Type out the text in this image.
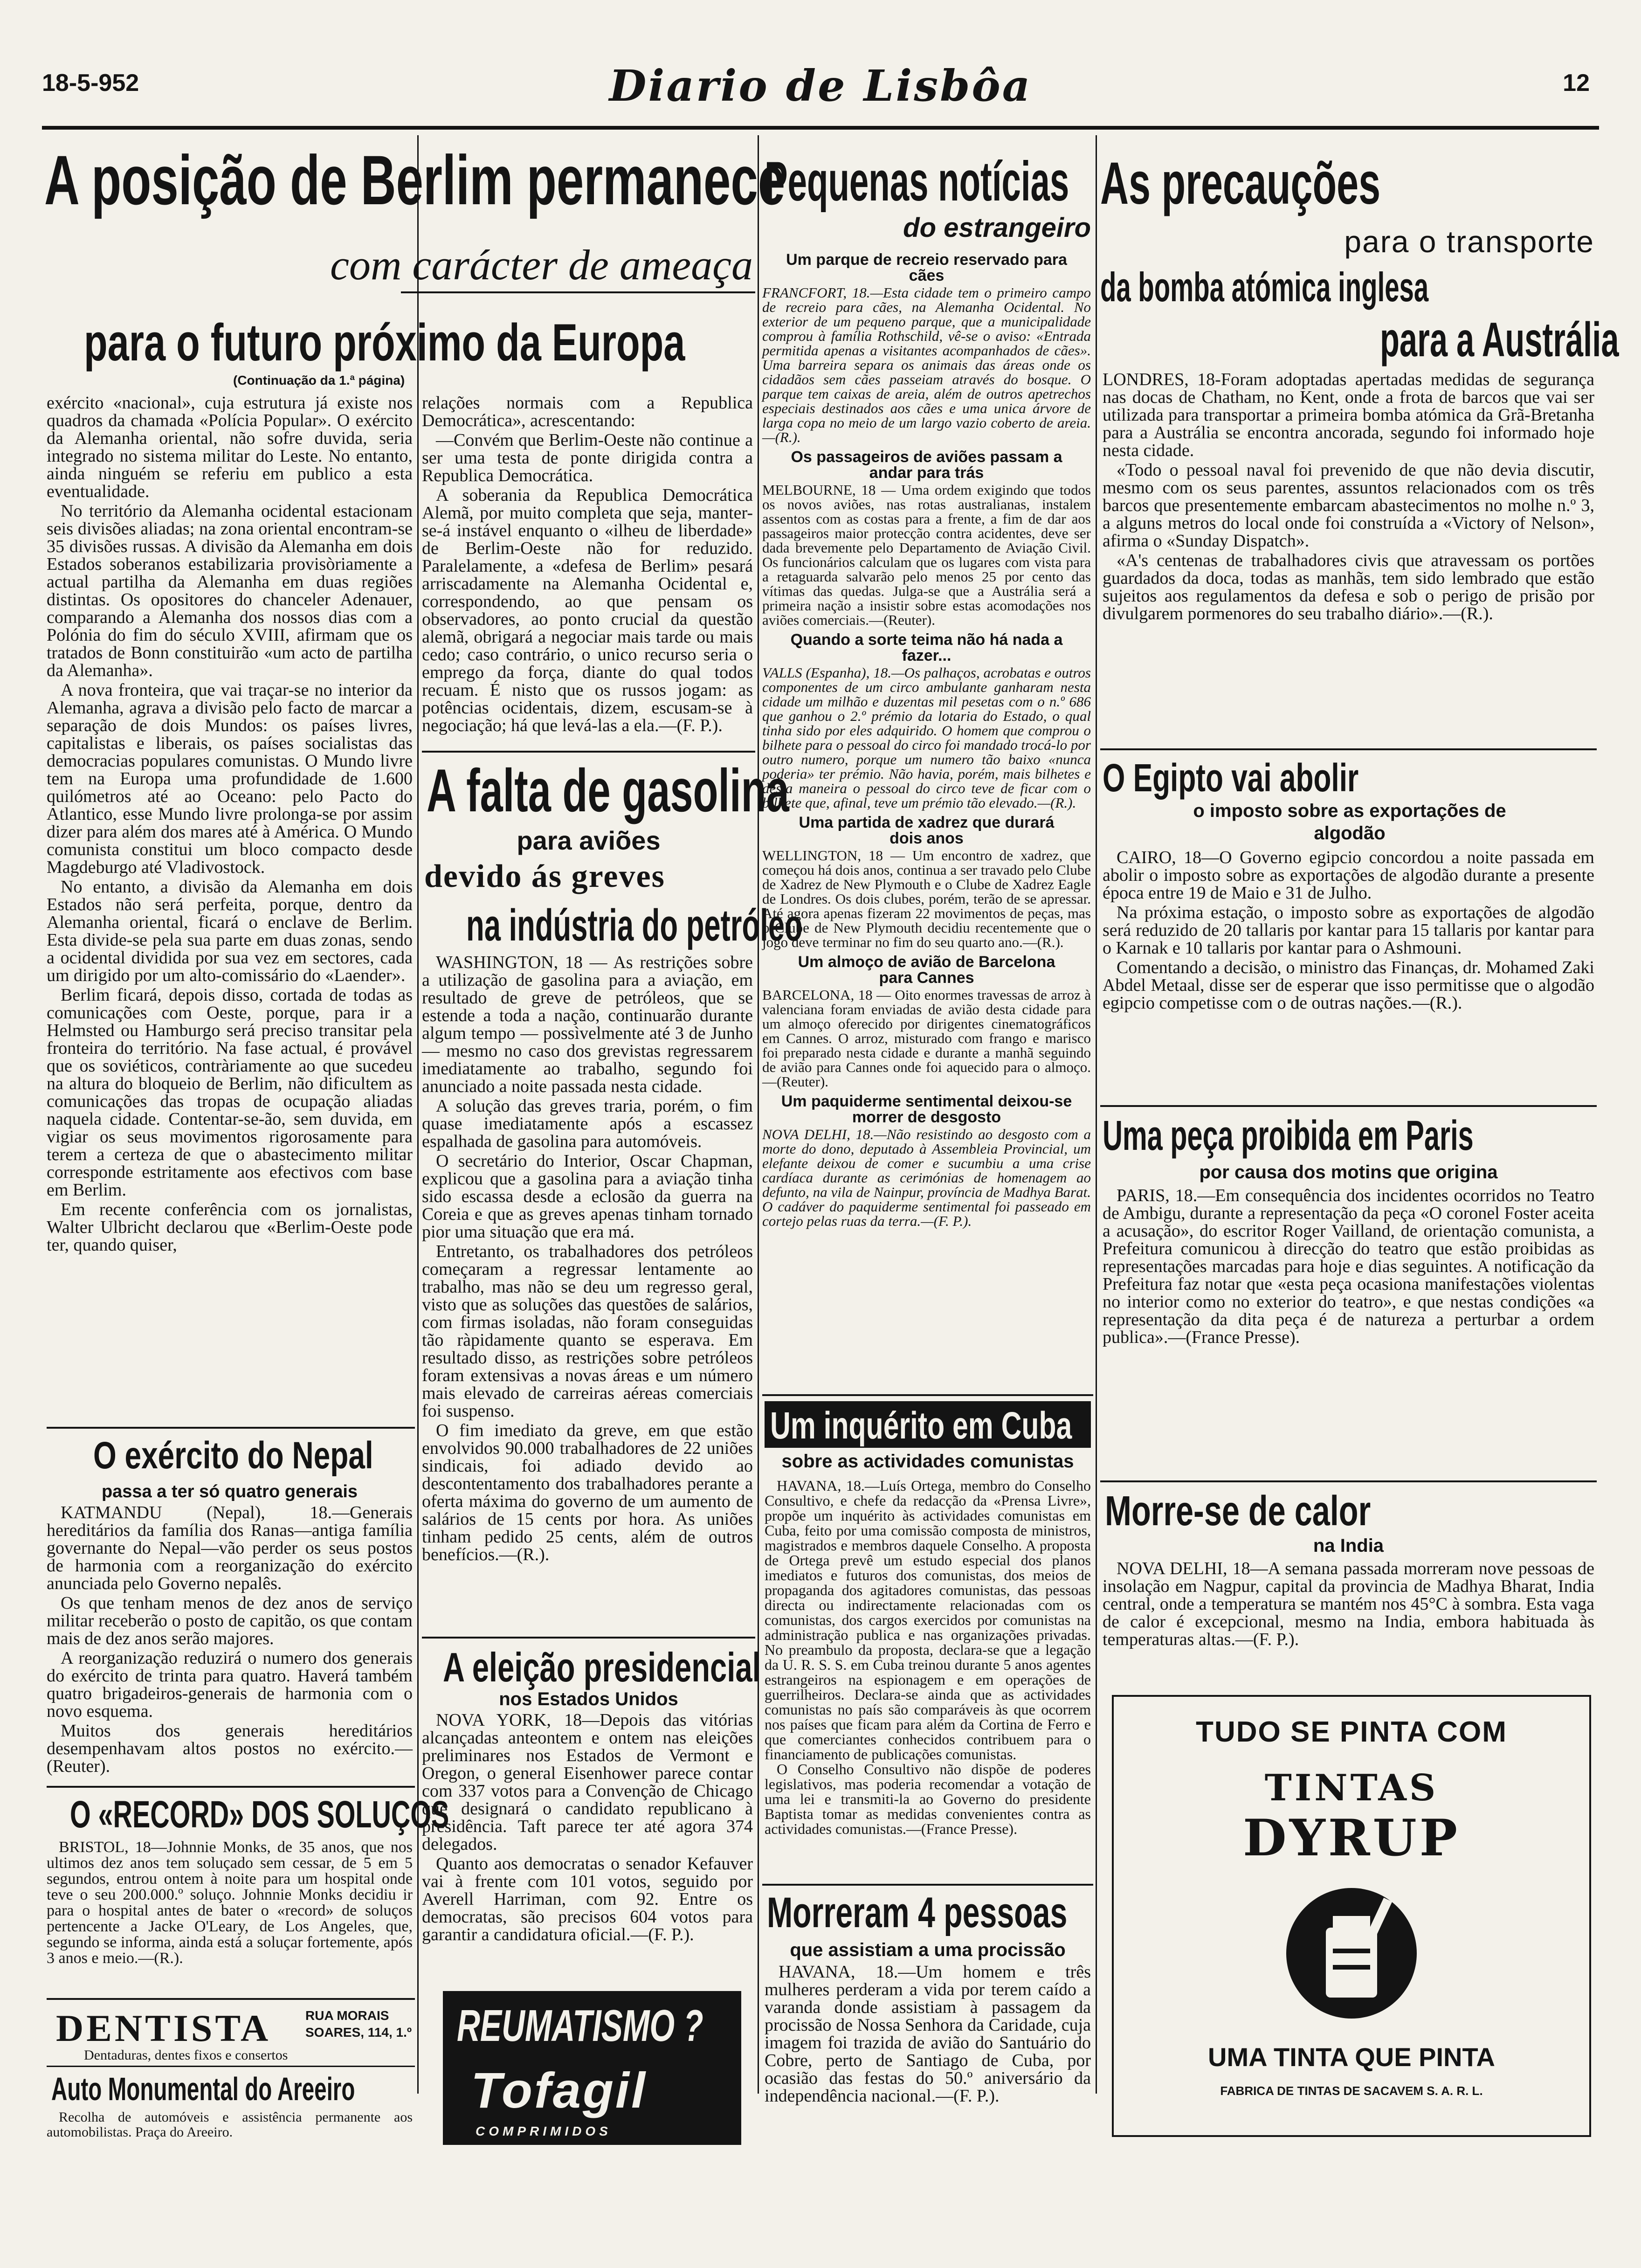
18-5-952	Diario de Lisbôa	12
A posição de Berlim permanece
com carácter de ameaça
para o futuro próximo da Europa
(Continuação da 1.ª página)

exército «nacional», cuja estrutura já existe nos quadros da chamada «Polícia Popular». O exército da Alemanha oriental, não sofre duvida, seria integrado no sistema militar do Leste. No entanto, ainda ninguém se referiu em publico a esta eventualidade.

No território da Alemanha ocidental estacionam seis divisões aliadas; na zona oriental encontram-se 35 divisões russas. A divisão da Alemanha em dois Estados soberanos estabilizaria provisòriamente a actual partilha da Alemanha em duas regiões distintas. Os opositores do chanceler Adenauer, comparando a Alemanha dos nossos dias com a Polónia do fim do século XVIII, afirmam que os tratados de Bonn constituirão «um acto de partilha da Alemanha».

A nova fronteira, que vai traçar-se no interior da Alemanha, agrava a divisão pelo facto de marcar a separação de dois Mundos: os países livres, capitalistas e liberais, os países socialistas das democracias populares comunistas. O Mundo livre tem na Europa uma profundidade de 1.600 quilómetros até ao Oceano: pelo Pacto do Atlantico, esse Mundo livre prolonga-se por assim dizer para além dos mares até à América. O Mundo comunista constitui um bloco compacto desde Magdeburgo até Vladivostock.

No entanto, a divisão da Alemanha em dois Estados não será perfeita, porque, dentro da Alemanha oriental, ficará o enclave de Berlim. Esta divide-se pela sua parte em duas zonas, sendo a ocidental dividida por sua vez em sectores, cada um dirigido por um alto-comissário do «Laender».

Berlim ficará, depois disso, cortada de todas as comunicações com Oeste, porque, para ir a Helmsted ou Hamburgo será preciso transitar pela fronteira do território. Na fase actual, é provável que os soviéticos, contràriamente ao que sucedeu na altura do bloqueio de Berlim, não dificultem as comunicações das tropas de ocupação aliadas naquela cidade. Contentar-se-ão, sem duvida, em vigiar os seus movimentos rigorosamente para terem a certeza de que o abastecimento militar corresponde estritamente aos efectivos com base em Berlim.

Em recente conferência com os jornalistas, Walter Ulbricht declarou que «Berlim-Oeste pode ter, quando quiser,

relações normais com a Republica Democrática», acrescentando:

—Convém que Berlim-Oeste não continue a ser uma testa de ponte dirigida contra a Republica Democrática.

A soberania da Republica Democrática Alemã, por muito completa que seja, manter-se-á instável enquanto o «ilheu de liberdade» de Berlim-Oeste não for reduzido. Paralelamente, a «defesa de Berlim» pesará arriscadamente na Alemanha Ocidental e, correspondendo, ao que pensam os observadores, ao ponto crucial da questão alemã, obrigará a negociar mais tarde ou mais cedo; caso contrário, o unico recurso seria o emprego da força, diante do qual todos recuam. É nisto que os russos jogam: as potências ocidentais, dizem, escusam-se à negociação; há que levá-las a ela.—(F. P.).

O exército do Nepal
passa a ter só quatro generais

KATMANDU (Nepal), 18.—Generais hereditários da família dos Ranas—antiga família governante do Nepal—vão perder os seus postos de harmonia com a reorganização do exército anunciada pelo Governo nepalês.

Os que tenham menos de dez anos de serviço militar receberão o posto de capitão, os que contam mais de dez anos serão majores.

A reorganização reduzirá o numero dos generais do exército de trinta para quatro. Haverá também quatro brigadeiros-generais de harmonia com o novo esquema.

Muitos dos generais hereditários desempenhavam altos postos no exército.—(Reuter).

O «RECORD» DOS SOLUÇOS

BRISTOL, 18—Johnnie Monks, de 35 anos, que nos ultimos dez anos tem soluçado sem cessar, de 5 em 5 segundos, entrou ontem à noite para um hospital onde teve o seu 200.000.º soluço. Johnnie Monks decidiu ir para o hospital antes de bater o «record» de soluços pertencente a Jacke O'Leary, de Los Angeles, que, segundo se informa, ainda está a soluçar fortemente, após 3 anos e meio.—(R.).

DENTISTA	RUA MORAIS
SOARES, 114, 1.º
Dentaduras, dentes fixos e consertos
Auto Monumental do Areeiro

Recolha de automóveis e assistência permanente aos automobilistas. Praça do Areeiro.

A falta de gasolina
para aviões
devido ás greves
na indústria do petróleo

WASHINGTON, 18 — As restrições sobre a utilização de gasolina para a aviação, em resultado de greve de petróleos, que se estende a toda a nação, continuarão durante algum tempo — possìvelmente até 3 de Junho — mesmo no caso dos grevistas regressarem imediatamente ao trabalho, segundo foi anunciado a noite passada nesta cidade.

A solução das greves traria, porém, o fim quase imediatamente após a escassez espalhada de gasolina para automóveis.

O secretário do Interior, Oscar Chapman, explicou que a gasolina para a aviação tinha sido escassa desde a eclosão da guerra na Coreia e que as greves apenas tinham tornado pior uma situação que era má.

Entretanto, os trabalhadores dos petróleos começaram a regressar lentamente ao trabalho, mas não se deu um regresso geral, visto que as soluções das questões de salários, com firmas isoladas, não foram conseguidas tão ràpidamente quanto se esperava. Em resultado disso, as restrições sobre petróleos foram extensivas a novas áreas e um número mais elevado de carreiras aéreas comerciais foi suspenso.

O fim imediato da greve, em que estão envolvidos 90.000 trabalhadores de 22 uniões sindicais, foi adiado devido ao descontentamento dos trabalhadores perante a oferta máxima do governo de um aumento de salários de 15 cents por hora. As uniões tinham pedido 25 cents, além de outros benefícios.—(R.).

A eleição presidencial
nos Estados Unidos

NOVA YORK, 18—Depois das vitórias alcançadas anteontem e ontem nas eleições preliminares nos Estados de Vermont e Oregon, o general Eisenhower parece contar com 337 votos para a Convenção de Chicago que designará o candidato republicano à presidência. Taft parece ter até agora 374 delegados.

Quanto aos democratas o senador Kefauver vai à frente com 101 votos, seguido por Averell Harriman, com 92. Entre os democratas, são precisos 604 votos para garantir a candidatura oficial.—(F. P.).

REUMATISMO ?
Tofagil
COMPRIMIDOS
Pequenas notícias
do estrangeiro
Um parque de recreio reservado para cães
FRANCFORT, 18.—Esta cidade tem o primeiro campo de recreio para cães, na Alemanha Ocidental. No exterior de um pequeno parque, que a municipalidade comprou à família Rothschild, vê-se o aviso: «Entrada permitida apenas a visitantes acompanhados de cães». Uma barreira separa os animais das áreas onde os cidadãos sem cães passeiam através do bosque. O parque tem caixas de areia, além de outros apetrechos especiais destinados aos cães e uma unica árvore de larga copa no meio de um largo vazio coberto de areia.—(R.).
Os passageiros de aviões passam a andar para trás
MELBOURNE, 18 — Uma ordem exigindo que todos os novos aviões, nas rotas australianas, instalem assentos com as costas para a frente, a fim de dar aos passageiros maior protecção contra acidentes, deve ser dada brevemente pelo Departamento de Aviação Civil. Os funcionários calculam que os lugares com vista para a retaguarda salvarão pelo menos 25 por cento das vítimas das quedas. Julga-se que a Austrália será a primeira nação a insistir sobre estas acomodações nos aviões comerciais.—(Reuter).
Quando a sorte teima não há nada a fazer...
VALLS (Espanha), 18.—Os palhaços, acrobatas e outros componentes de um circo ambulante ganharam nesta cidade um milhão e duzentas mil pesetas com o n.º 686 que ganhou o 2.º prémio da lotaria do Estado, o qual tinha sido por eles adquirido. O homem que comprou o bilhete para o pessoal do circo foi mandado trocá-lo por outro numero, porque um numero tão baixo «nunca poderia» ter prémio. Não havia, porém, mais bilhetes e desta maneira o pessoal do circo teve de ficar com o bilhete que, afinal, teve um prémio tão elevado.—(R.).
Uma partida de xadrez que durará dois anos
WELLINGTON, 18 — Um encontro de xadrez, que começou há dois anos, continua a ser travado pelo Clube de Xadrez de New Plymouth e o Clube de Xadrez Eagle de Londres. Os dois clubes, porém, terão de se apressar. Até agora apenas fizeram 22 movimentos de peças, mas o Clube de New Plymouth decidiu recentemente que o jogo deve terminar no fim do seu quarto ano.—(R.).
Um almoço de avião de Barcelona para Cannes
BARCELONA, 18 — Oito enormes travessas de arroz à valenciana foram enviadas de avião desta cidade para um almoço oferecido por dirigentes cinematográficos em Cannes. O arroz, misturado com frango e marisco foi preparado nesta cidade e durante a manhã seguindo de avião para Cannes onde foi aquecido para o almoço.—(Reuter).
Um paquiderme sentimental deixou-se morrer de desgosto
NOVA DELHI, 18.—Não resistindo ao desgosto com a morte do dono, deputado à Assembleia Provincial, um elefante deixou de comer e sucumbiu a uma crise cardíaca durante as cerimónias de homenagem ao defunto, na vila de Nainpur, província de Madhya Barat. O cadáver do paquiderme sentimental foi passeado em cortejo pelas ruas da terra.—(F. P.).
Um inquérito em Cuba
sobre as actividades comunistas

HAVANA, 18.—Luís Ortega, membro do Conselho Consultivo, e chefe da redacção da «Prensa Livre», propõe um inquérito às actividades comunistas em Cuba, feito por uma comissão composta de ministros, magistrados e membros daquele Conselho. A proposta de Ortega prevê um estudo especial dos planos imediatos e futuros dos comunistas, dos meios de propaganda dos agitadores comunistas, das pessoas directa ou indirectamente relacionadas com os comunistas, dos cargos exercidos por comunistas na administração publica e nas organizações privadas. No preambulo da proposta, declara-se que a legação da U. R. S. S. em Cuba treinou durante 5 anos agentes estrangeiros na espionagem e em operações de guerrilheiros. Declara-se ainda que as actividades comunistas no país são comparáveis às que ocorrem nos países que ficam para além da Cortina de Ferro e que comerciantes conhecidos contribuem para o financiamento de publicações comunistas.

O Conselho Consultivo não dispõe de poderes legislativos, mas poderia recomendar a votação de uma lei e transmiti-la ao Governo do presidente Baptista tomar as medidas convenientes contra as actividades comunistas.—(France Presse).

Morreram 4 pessoas
que assistiam a uma procissão

HAVANA, 18.—Um homem e três mulheres perderam a vida por terem caído a varanda donde assistiam à passagem da procissão de Nossa Senhora da Caridade, cuja imagem foi trazida de avião do Santuário do Cobre, perto de Santiago de Cuba, por ocasião das festas do 50.º aniversário da independência nacional.—(F. P.).

As precauções
para o transporte
da bomba atómica inglesa
para a Austrália

LONDRES, 18-Foram adoptadas apertadas medidas de segurança nas docas de Chatham, no Kent, onde a frota de barcos que vai ser utilizada para transportar a primeira bomba atómica da Grã-Bretanha para a Austrália se encontra ancorada, segundo foi informado hoje nesta cidade.

«Todo o pessoal naval foi prevenido de que não devia discutir, mesmo com os seus parentes, assuntos relacionados com os três barcos que presentemente embarcam abastecimentos no molhe n.º 3, a alguns metros do local onde foi construída a «Victory of Nelson», afirma o «Sunday Dispatch».

«A's centenas de trabalhadores civis que atravessam os portões guardados da doca, todas as manhãs, tem sido lembrado que estão sujeitos aos regulamentos da defesa e sob o perigo de prisão por divulgarem pormenores do seu trabalho diário».—(R.).

O Egipto vai abolir
o imposto sobre as exportações de algodão

CAIRO, 18—O Governo egipcio concordou a noite passada em abolir o imposto sobre as exportações de algodão durante a presente época entre 19 de Maio e 31 de Julho.

Na próxima estação, o imposto sobre as exportações de algodão será reduzido de 20 tallaris por kantar para 15 tallaris por kantar para o Karnak e 10 tallaris por kantar para o Ashmouni.

Comentando a decisão, o ministro das Finanças, dr. Mohamed Zaki Abdel Metaal, disse ser de esperar que isso permitisse que o algodão egipcio competisse com o de outras nações.—(R.).

Uma peça proibida em Paris
por causa dos motins que origina

PARIS, 18.—Em consequência dos incidentes ocorridos no Teatro de Ambigu, durante a representação da peça «O coronel Foster aceita a acusação», do escritor Roger Vailland, de orientação comunista, a Prefeitura comunicou à direcção do teatro que estão proibidas as representações marcadas para hoje e dias seguintes. A notificação da Prefeitura faz notar que «esta peça ocasiona manifestações violentas no interior como no exterior do teatro», e que nestas condições «a representação da dita peça é de natureza a perturbar a ordem publica».—(France Presse).

Morre-se de calor
na India

NOVA DELHI, 18—A semana passada morreram nove pessoas de insolação em Nagpur, capital da provincia de Madhya Bharat, India central, onde a temperatura se mantém nos 45°C à sombra. Esta vaga de calor é excepcional, mesmo na India, embora habituada às temperaturas altas.—(F. P.).

TUDO SE PINTA COM
TINTAS
DYRUP
UMA TINTA QUE PINTA
FABRICA DE TINTAS DE SACAVEM S. A. R. L.
